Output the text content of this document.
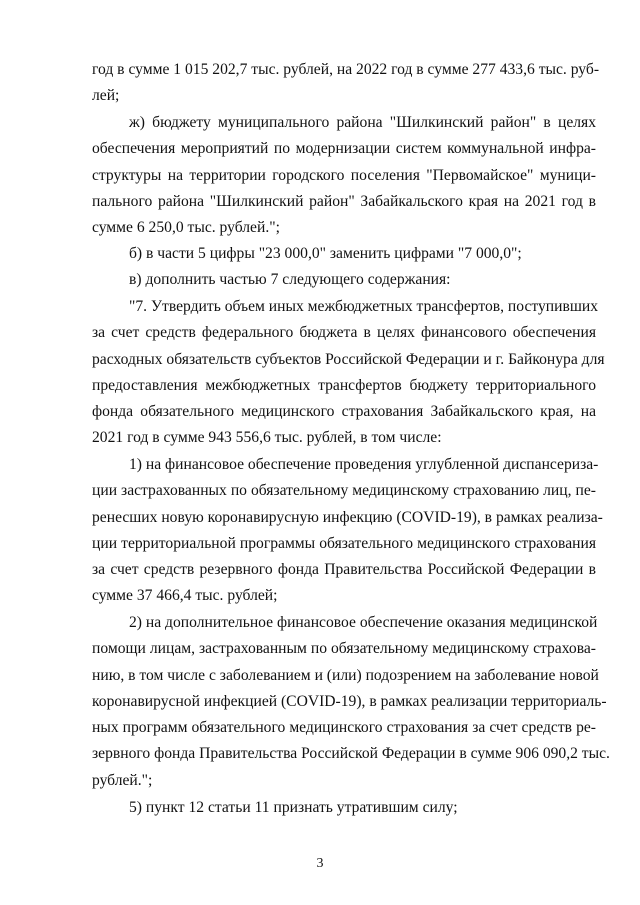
год в сумме 1 015 202,7 тыс. рублей, на 2022 год в сумме 277 433,6 тыс. руб-
лей;
ж) бюджету муниципального района "Шилкинский район" в целях
обеспечения мероприятий по модернизации систем коммунальной инфра-
структуры на территории городского поселения "Первомайское" муници-
пального района "Шилкинский район" Забайкальского края на 2021 год в
сумме 6 250,0 тыс. рублей.";
б) в части 5 цифры "23 000,0" заменить цифрами "7 000,0";
в) дополнить частью 7 следующего содержания:
"7. Утвердить объем иных межбюджетных трансфертов, поступивших
за счет средств федерального бюджета в целях финансового обеспечения
расходных обязательств субъектов Российской Федерации и г. Байконура для
предоставления межбюджетных трансфертов бюджету территориального
фонда обязательного медицинского страхования Забайкальского края, на
2021 год в сумме 943 556,6 тыс. рублей, в том числе:
1) на финансовое обеспечение проведения углубленной диспансериза-
ции застрахованных по обязательному медицинскому страхованию лиц, пе-
ренесших новую коронавирусную инфекцию (COVID-19), в рамках реализа-
ции территориальной программы обязательного медицинского страхования
за счет средств резервного фонда Правительства Российской Федерации в
сумме 37 466,4 тыс. рублей;
2) на дополнительное финансовое обеспечение оказания медицинской
помощи лицам, застрахованным по обязательному медицинскому страхова-
нию, в том числе с заболеванием и (или) подозрением на заболевание новой
коронавирусной инфекцией (COVID-19), в рамках реализации территориаль-
ных программ обязательного медицинского страхования за счет средств ре-
зервного фонда Правительства Российской Федерации в сумме 906 090,2 тыс.
рублей.";
5) пункт 12 статьи 11 признать утратившим силу;
3
